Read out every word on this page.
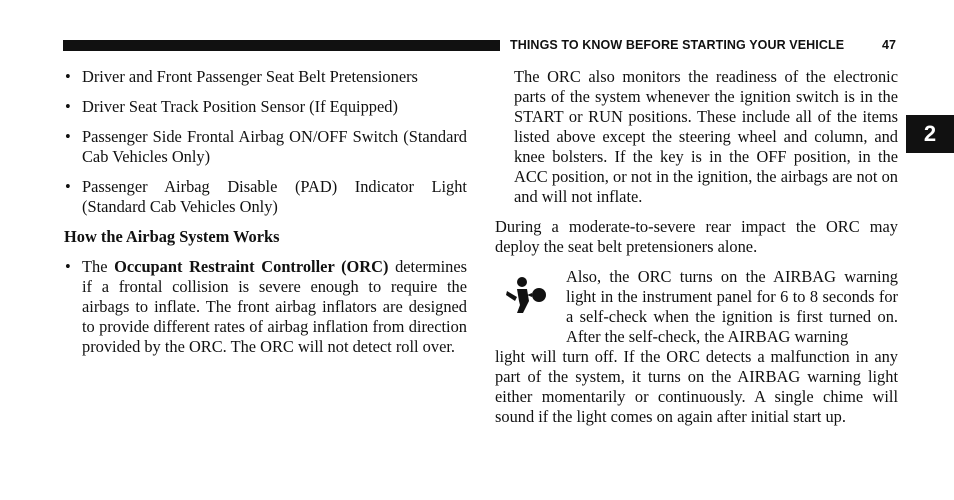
THINGS TO KNOW BEFORE STARTING YOUR VEHICLE	47
2
• Driver and Front Passenger Seat Belt Pretensioners
• Driver Seat Track Position Sensor (If Equipped)
• Passenger Side Frontal Airbag ON/OFF Switch (Standard Cab Vehicles Only)
• Passenger Airbag Disable (PAD) Indicator Light (Standard Cab Vehicles Only)
How the Airbag System Works
• The Occupant Restraint Controller (ORC) determines if a frontal collision is severe enough to require the airbags to inflate. The front airbag inflators are designed to provide different rates of airbag inflation from direction provided by the ORC. The ORC will not detect roll over.
The ORC also monitors the readiness of the electronic parts of the system whenever the ignition switch is in the START or RUN positions. These include all of the items listed above except the steering wheel and column, and knee bolsters. If the key is in the OFF position, in the ACC position, or not in the ignition, the airbags are not on and will not inflate.
During a moderate-to-severe rear impact the ORC may deploy the seat belt pretensioners alone.
Also, the ORC turns on the AIRBAG warning light in the instrument panel for 6 to 8 seconds for a self-check when the ignition is first turned on. After the self-check, the AIRBAG warning
light will turn off. If the ORC detects a malfunction in any part of the system, it turns on the AIRBAG warning light either momentarily or continuously. A single chime will sound if the light comes on again after initial start up.
